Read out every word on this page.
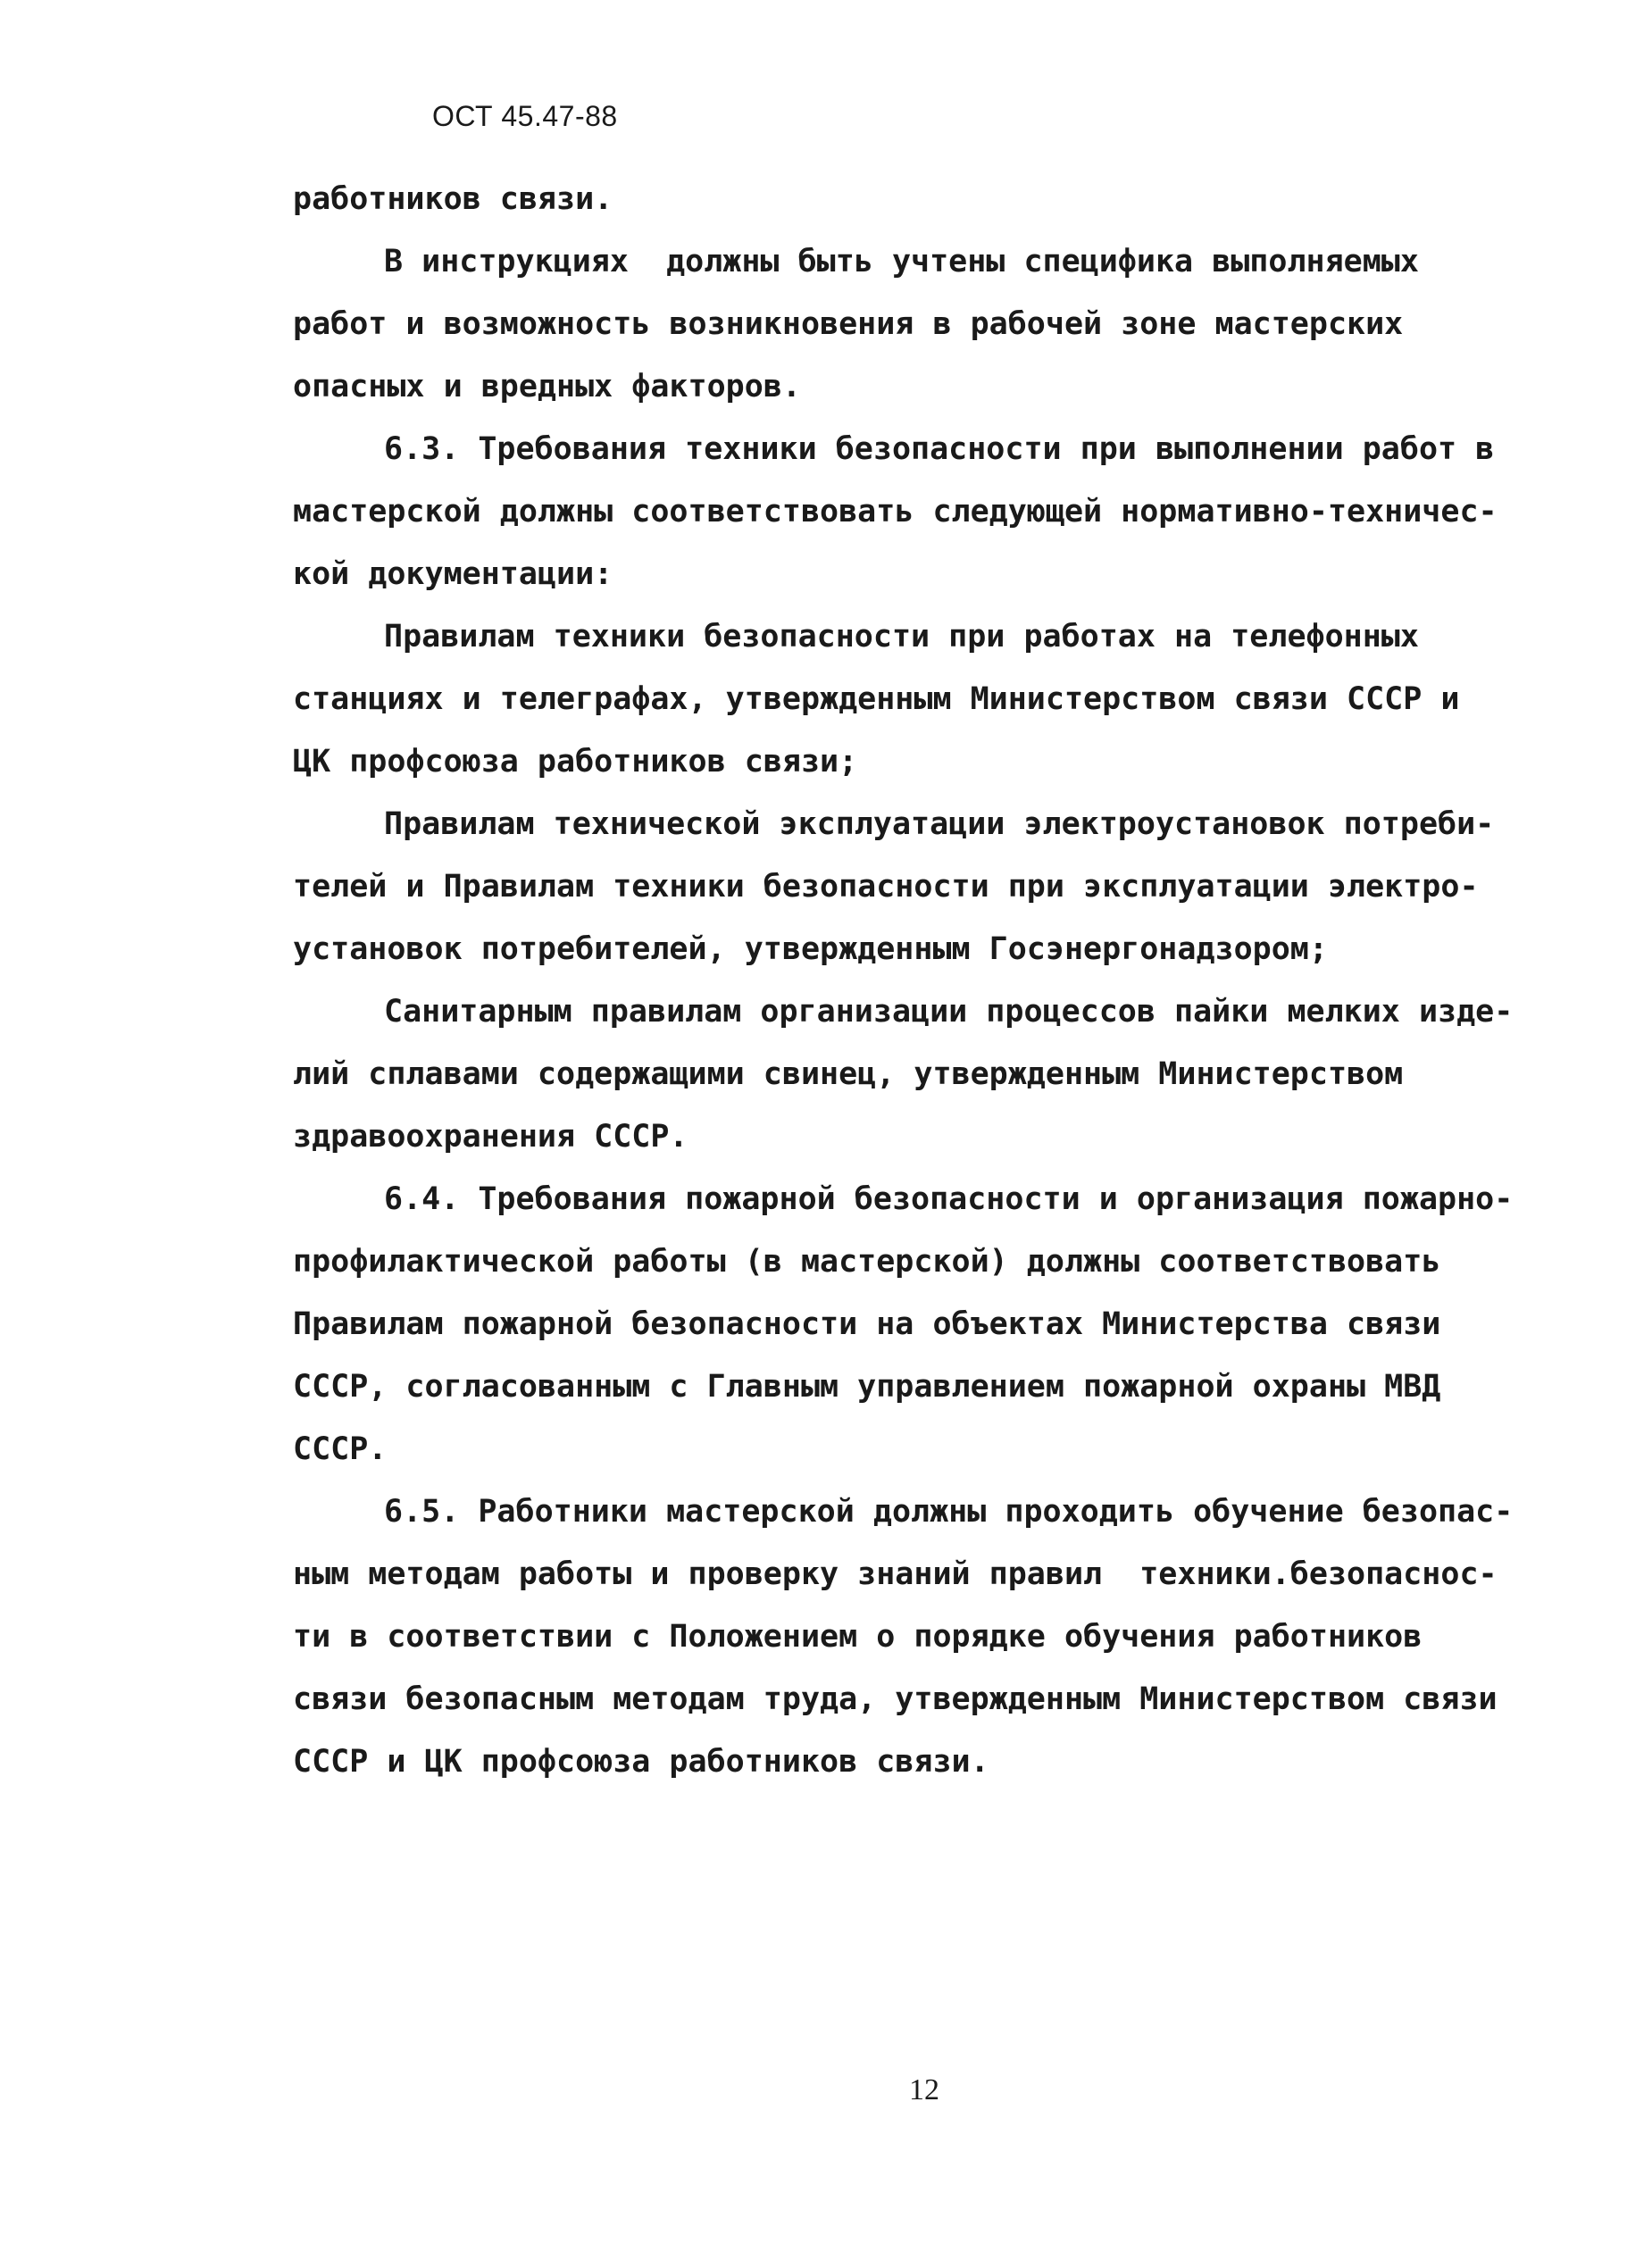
ОСТ 45.47-88
работников связи.
В инструкциях  должны быть учтены специфика выполняемых
работ и возможность возникновения в рабочей зоне мастерских
опасных и вредных факторов.
6.3. Требования техники безопасности при выполнении работ в
мастерской должны соответствовать следующей нормативно-техничес-
кой документации:
Правилам техники безопасности при работах на телефонных
станциях и телеграфах, утвержденным Министерством связи СССР и
ЦК профсоюза работников связи;
Правилам технической эксплуатации электроустановок потреби-
телей и Правилам техники безопасности при эксплуатации электро-
установок потребителей, утвержденным Госэнергонадзором;
Санитарным правилам организации процессов пайки мелких изде-
лий сплавами содержащими свинец, утвержденным Министерством
здравоохранения СССР.
6.4. Требования пожарной безопасности и организация пожарно-
профилактической работы (в мастерской) должны соответствовать
Правилам пожарной безопасности на объектах Министерства связи
СССР, согласованным с Главным управлением пожарной охраны МВД
СССР.
6.5. Работники мастерской должны проходить обучение безопас-
ным методам работы и проверку знаний правил  техники.безопаснос-
ти в соответствии с Положением о порядке обучения работников
связи безопасным методам труда, утвержденным Министерством связи
СССР и ЦК профсоюза работников связи.
12
